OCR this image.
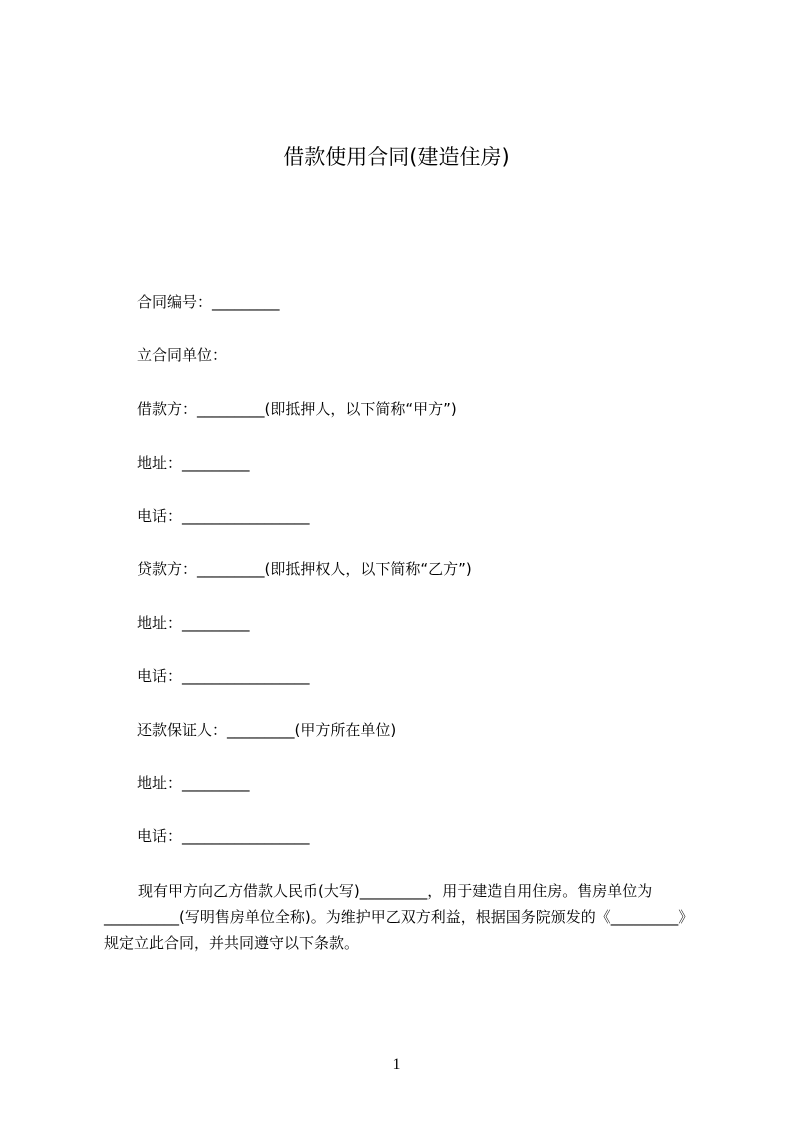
借款使用合同(建造住房)
合同编号：_________
立合同单位：
借款方：_________(即抵押人，以下简称“甲方”)
地址：_________
电话：_________________
贷款方：_________(即抵押权人，以下简称“乙方”)
地址：_________
电话：_________________
还款保证人：_________(甲方所在单位)
地址：_________
电话：_________________
现有甲方向乙方借款人民币(大写)_________，用于建造自用住房。售房单位为__________(写明售房单位全称)。为维护甲乙双方利益，根据国务院颁发的《_________》规定立此合同，并共同遵守以下条款。
1
